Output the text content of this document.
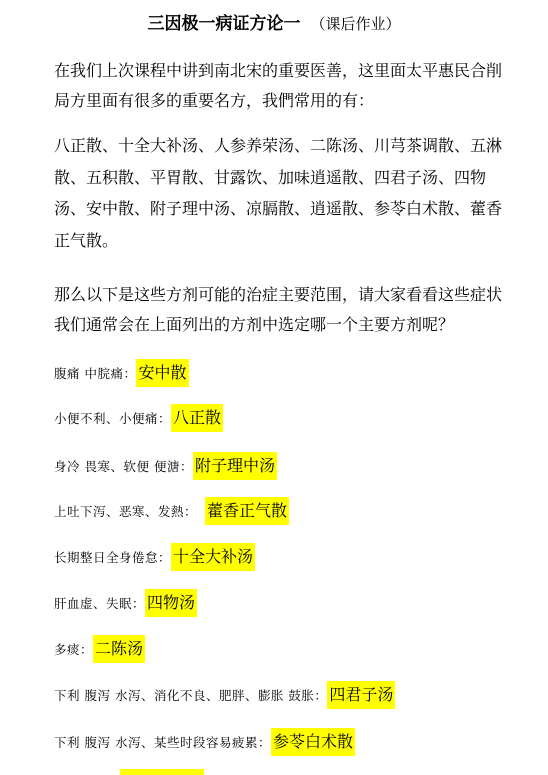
三因极一病证方论一 （课后作业）

在我们上次课程中讲到南北宋的重要医善，这里面太平惠民合削局方里面有很多的重要名方，我們常用的有：

八正散、十全大补汤、人参养荣汤、二陈汤、川芎茶调散、五淋散、五积散、平胃散、甘露饮、加味逍遥散、四君子汤、四物汤、安中散、附子理中汤、凉膈散、逍遥散、参苓白术散、藿香正气散。

那么以下是这些方剂可能的治症主要范围，请大家看看这些症状我们通常会在上面列出的方剂中选定哪一个主要方剂呢？

腹痛 中脘痛： 安中散
小便不利、小便痛： 八正散
身冷 畏寒、软便 便溏： 附子理中汤
上吐下泻、恶寒、发熱： 藿香正气散
长期整日全身倦怠： 十全大补汤
肝血虚、失眠： 四物汤
多痰： 二陈汤
下利 腹泻 水泻、消化不良、肥胖、膨胀 鼓胀： 四君子汤
下利 腹泻 水泻、某些时段容易疲累： 参苓白术散
